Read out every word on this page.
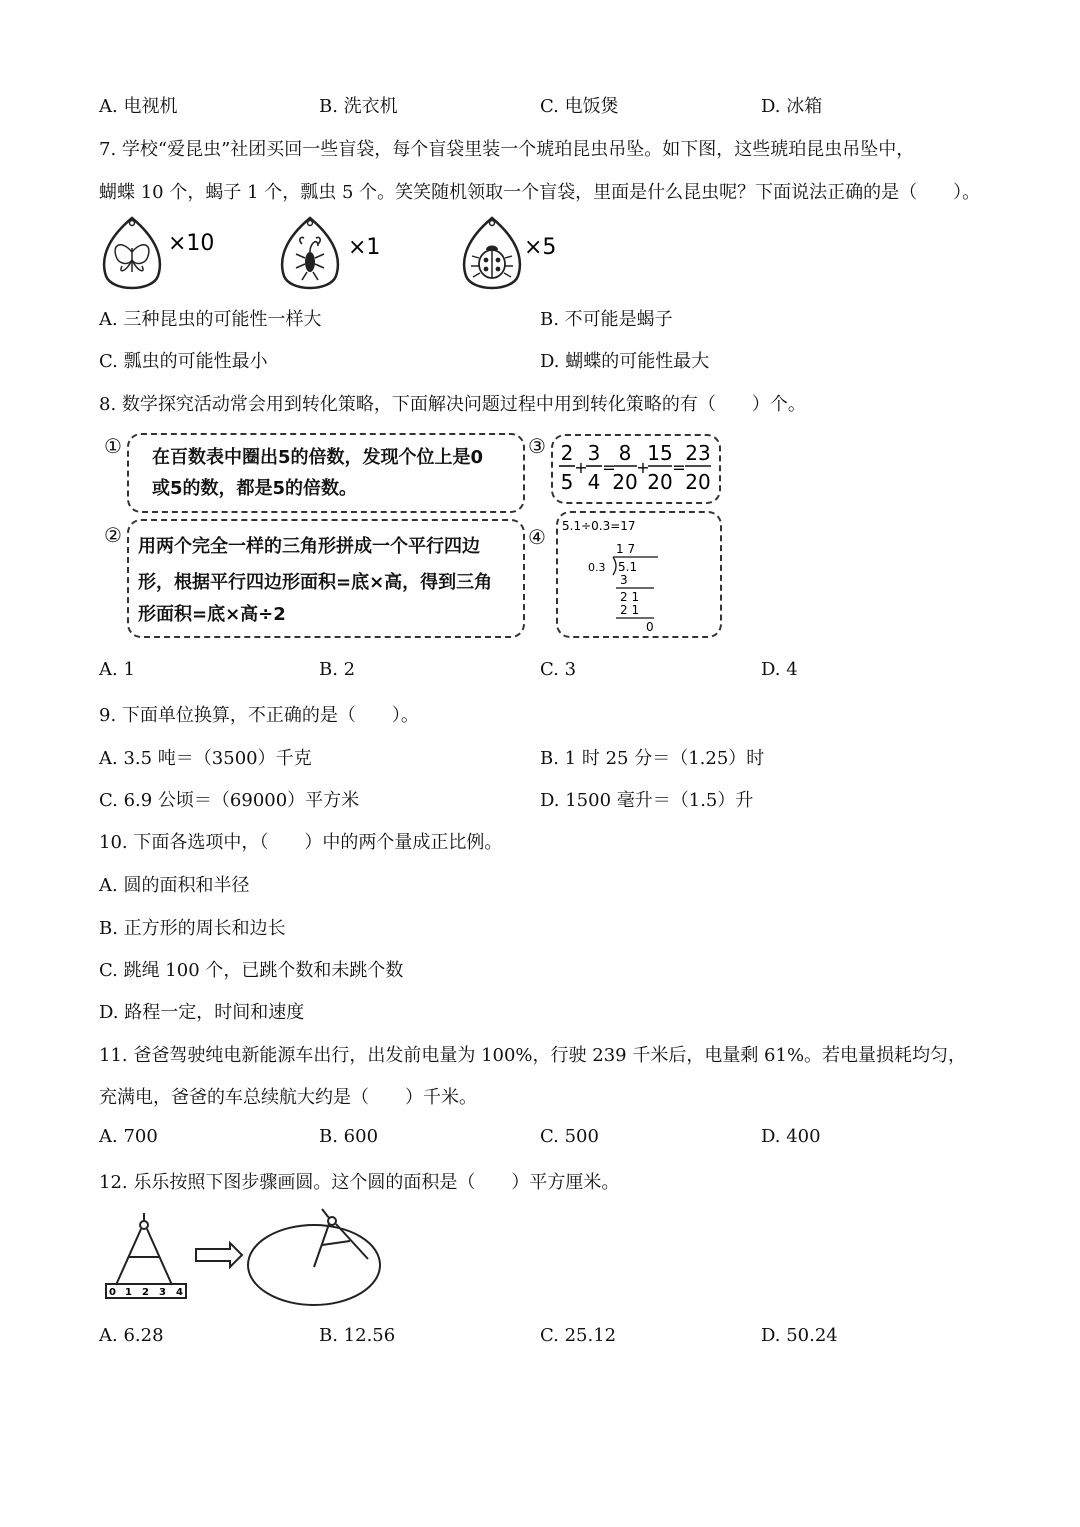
A. 电视机	B. 洗衣机	C. 电饭煲	D. 冰箱
7. 学校“爱昆虫”社团买回一些盲袋，每个盲袋里装一个琥珀昆虫吊坠。如下图，这些琥珀昆虫吊坠中，
蝴蝶 10 个，蝎子 1 个，瓢虫 5 个。笑笑随机领取一个盲袋，里面是什么昆虫呢？下面说法正确的是（　　）。
×10	×1	×5
A. 三种昆虫的可能性一样大	B. 不可能是蝎子
C. 瓢虫的可能性最小	D. 蝴蝶的可能性最大
8. 数学探究活动常会用到转化策略，下面解决问题过程中用到转化策略的有（　　）个。
① 在百数表中圈出5的倍数，发现个位上是0
或5的数，都是5的倍数。
② 用两个完全一样的三角形拼成一个平行四边
形，根据平行四边形面积=底×高，得到三角
形面积=底×高÷2
③ 2
5
+
3
4
=
8
20
+
15
20
=
23
20
④ 5.1÷0.3=17
1 7
0.3 5.1
3
2 1
2 1
0
A. 1	B. 2	C. 3	D. 4
9. 下面单位换算，不正确的是（　　）。
A. 3.5 吨＝（3500）千克	B. 1 时 25 分＝（1.25）时
C. 6.9 公顷＝（69000）平方米	D. 1500 毫升＝（1.5）升
10. 下面各选项中，（　　）中的两个量成正比例。
A. 圆的面积和半径
B. 正方形的周长和边长
C. 跳绳 100 个，已跳个数和未跳个数
D. 路程一定，时间和速度
11. 爸爸驾驶纯电新能源车出行，出发前电量为 100%，行驶 239 千米后，电量剩 61%。若电量损耗均匀，
充满电，爸爸的车总续航大约是（　　）千米。
A. 700	B. 600	C. 500	D. 400
12. 乐乐按照下图步骤画圆。这个圆的面积是（　　）平方厘米。
0 1 2 3 4
A. 6.28	B. 12.56	C. 25.12	D. 50.24
